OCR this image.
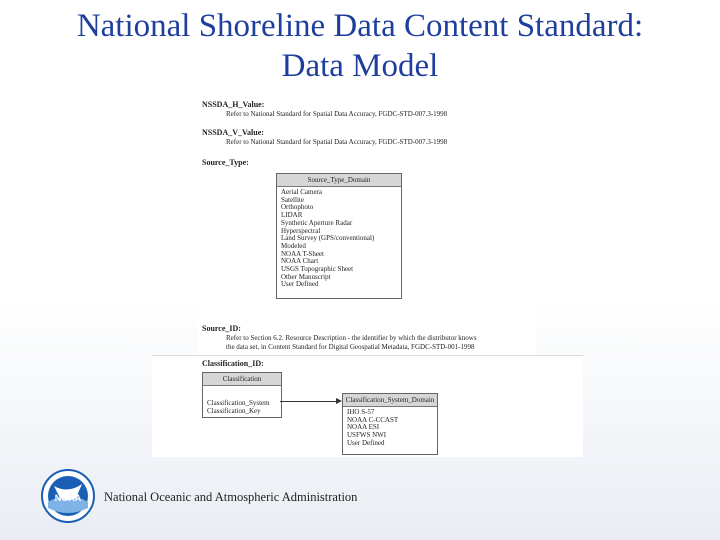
National Shoreline Data Content Standard:
Data Model
NSSDA_H_Value:
Refer to National Standard for Spatial Data Accuracy, FGDC-STD-007.3-1998
NSSDA_V_Value:
Refer to National Standard for Spatial Data Accuracy, FGDC-STD-007.3-1998
Source_Type:
Source_Type_Domain
Aerial Camera
Satellite
Orthophoto
LIDAR
Synthetic Aperture Radar
Hyperspectral
Land Survey (GPS/conventional)
Modeled
NOAA T-Sheet
NOAA Chart
USGS Topographic Sheet
Other Manuscript
User Defined
Source_ID:
Refer to Section 6.2. Resource Description - the identifier by which the distributor knows
the data set, in Content Standard for Digital Geospatial Metadata, FGDC-STD-001-1998
Classification_ID:
Classification
Classification_System
Classification_Key
Classification_System_Domain
IHO S-57
NOAA C-CCAST
NOAA ESI
USFWS NWI
User Defined
NOAA National Oceanic and Atmospheric Administration
